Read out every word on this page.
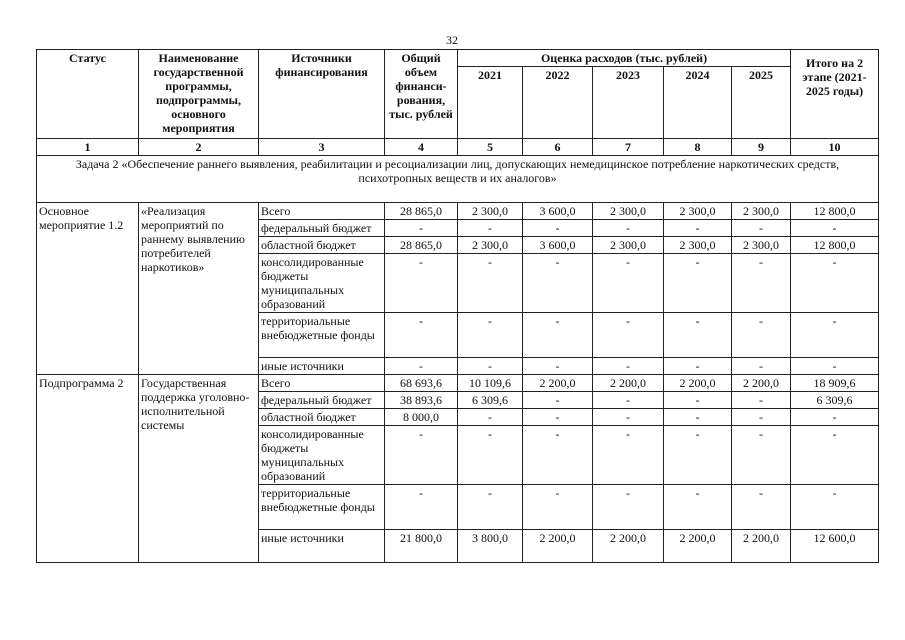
32
Статус	Наименование государственной программы, подпрограммы, основного мероприятия	Источники финансирования	Общий объем финанси-рования, тыс. рублей	Оценка расходов (тыс. рублей)					Итого на 2 этапе (2021-2025 годы)
				2021	2022	2023	2024	2025	
1	2	3	4	5	6	7	8	9	10
Задача 2 «Обеспечение раннего выявления, реабилитации и ресоциализации лиц, допускающих немедицинское потребление наркотических средств, психотропных веществ и их аналогов»									
Основное мероприятие 1.2	«Реализация мероприятий по раннему выявлению потребителей наркотиков»	Всего	28 865,0	2 300,0	3 600,0	2 300,0	2 300,0	2 300,0	12 800,0
		федеральный бюджет	-	-	-	-	-	-	-
		областной бюджет	28 865,0	2 300,0	3 600,0	2 300,0	2 300,0	2 300,0	12 800,0
		консолидированные бюджеты муниципальных образований	-	-	-	-	-	-	-
		территориальные внебюджетные фонды	-	-	-	-	-	-	-
		иные источники	-	-	-	-	-	-	-
Подпрограмма 2	Государственная поддержка уголовно-исполнительной системы	Всего	68 693,6	10 109,6	2 200,0	2 200,0	2 200,0	2 200,0	18 909,6
		федеральный бюджет	38 893,6	6 309,6	-	-	-	-	6 309,6
		областной бюджет	8 000,0	-	-	-	-	-	-
		консолидированные бюджеты муниципальных образований	-	-	-	-	-	-	-
		территориальные внебюджетные фонды	-	-	-	-	-	-	-
		иные источники	21 800,0	3 800,0	2 200,0	2 200,0	2 200,0	2 200,0	12 600,0
